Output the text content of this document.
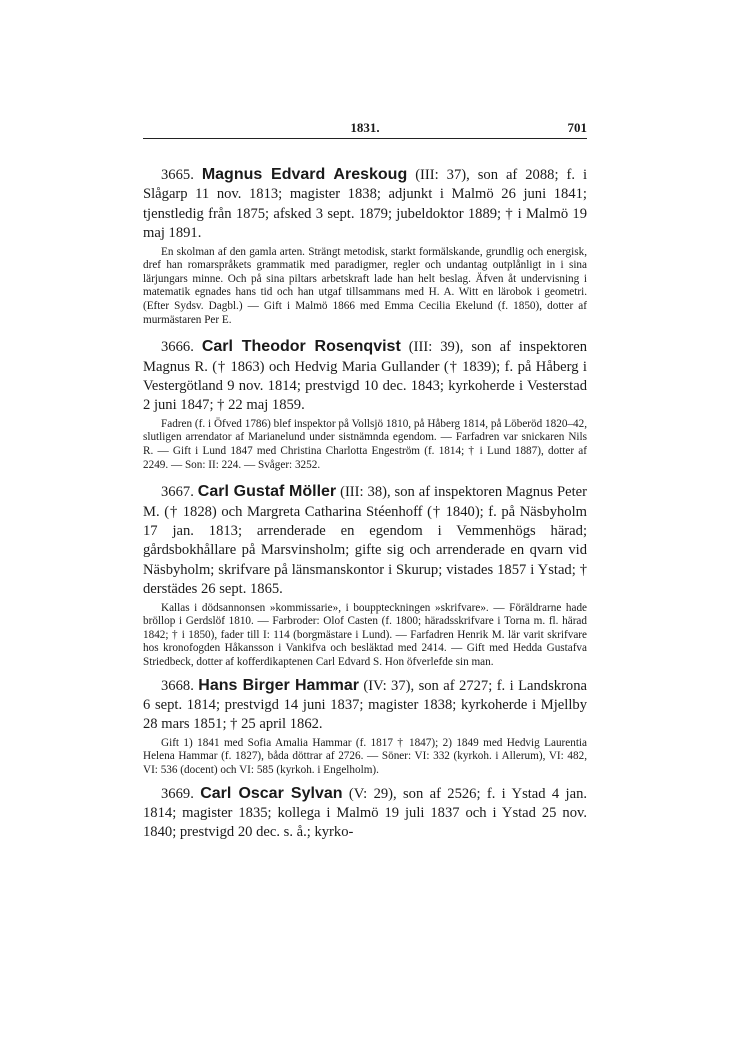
1831.	701

3665. Magnus Edvard Areskoug (III: 37), son af 2088; f. i Slågarp 11 nov. 1813; magister 1838; adjunkt i Malmö 26 juni 1841; tjenstledig från 1875; afsked 3 sept. 1879; jubeldoktor 1889; † i Malmö 19 maj 1891.

En skolman af den gamla arten. Strängt metodisk, starkt formälskande, grundlig och energisk, dref han romarspråkets grammatik med paradigmer, regler och undantag outplånligt in i sina lärjungars minne. Och på sina piltars arbetskraft lade han helt beslag. Äfven åt undervisning i matematik egnades hans tid och han utgaf tillsammans med H. A. Witt en lärobok i geometri. (Efter Sydsv. Dagbl.) — Gift i Malmö 1866 med Emma Cecilia Ekelund (f. 1850), dotter af murmästaren Per E.

3666. Carl Theodor Rosenqvist (III: 39), son af inspektoren Magnus R. († 1863) och Hedvig Maria Gullander († 1839); f. på Håberg i Vestergötland 9 nov. 1814; prestvigd 10 dec. 1843; kyrkoherde i Vesterstad 2 juni 1847; † 22 maj 1859.

Fadren (f. i Öfved 1786) blef inspektor på Vollsjö 1810, på Håberg 1814, på Löberöd 1820–42, slutligen arrendator af Marianelund under sistnämnda egendom. — Farfadren var snickaren Nils R. — Gift i Lund 1847 med Christina Charlotta Engeström (f. 1814; † i Lund 1887), dotter af 2249. — Son: II: 224. — Svåger: 3252.

3667. Carl Gustaf Möller (III: 38), son af inspektoren Magnus Peter M. († 1828) och Margreta Catharina Stéenhoff († 1840); f. på Näsbyholm 17 jan. 1813; arrenderade en egendom i Vemmenhögs härad; gårdsbokhållare på Marsvinsholm; gifte sig och arrenderade en qvarn vid Näsbyholm; skrifvare på länsmanskontor i Skurup; vistades 1857 i Ystad; † derstädes 26 sept. 1865.

Kallas i dödsannonsen »kommissarie», i bouppteckningen »skrifvare». — Föräldrarne hade bröllop i Gerdslöf 1810. — Farbroder: Olof Casten (f. 1800; häradsskrifvare i Torna m. fl. härad 1842; † i 1850), fader till I: 114 (borgmästare i Lund). — Farfadren Henrik M. lär varit skrifvare hos kronofogden Håkansson i Vankifva och besläktad med 2414. — Gift med Hedda Gustafva Striedbeck, dotter af kofferdikaptenen Carl Edvard S. Hon öfverlefde sin man.

3668. Hans Birger Hammar (IV: 37), son af 2727; f. i Landskrona 6 sept. 1814; prestvigd 14 juni 1837; magister 1838; kyrkoherde i Mjellby 28 mars 1851; † 25 april 1862.

Gift 1) 1841 med Sofia Amalia Hammar (f. 1817 † 1847); 2) 1849 med Hedvig Laurentia Helena Hammar (f. 1827), båda döttrar af 2726. — Söner: VI: 332 (kyrkoh. i Allerum), VI: 482, VI: 536 (docent) och VI: 585 (kyrkoh. i Engelholm).

3669. Carl Oscar Sylvan (V: 29), son af 2526; f. i Ystad 4 jan. 1814; magister 1835; kollega i Malmö 19 juli 1837 och i Ystad 25 nov. 1840; prestvigd 20 dec. s. å.; kyrko-
